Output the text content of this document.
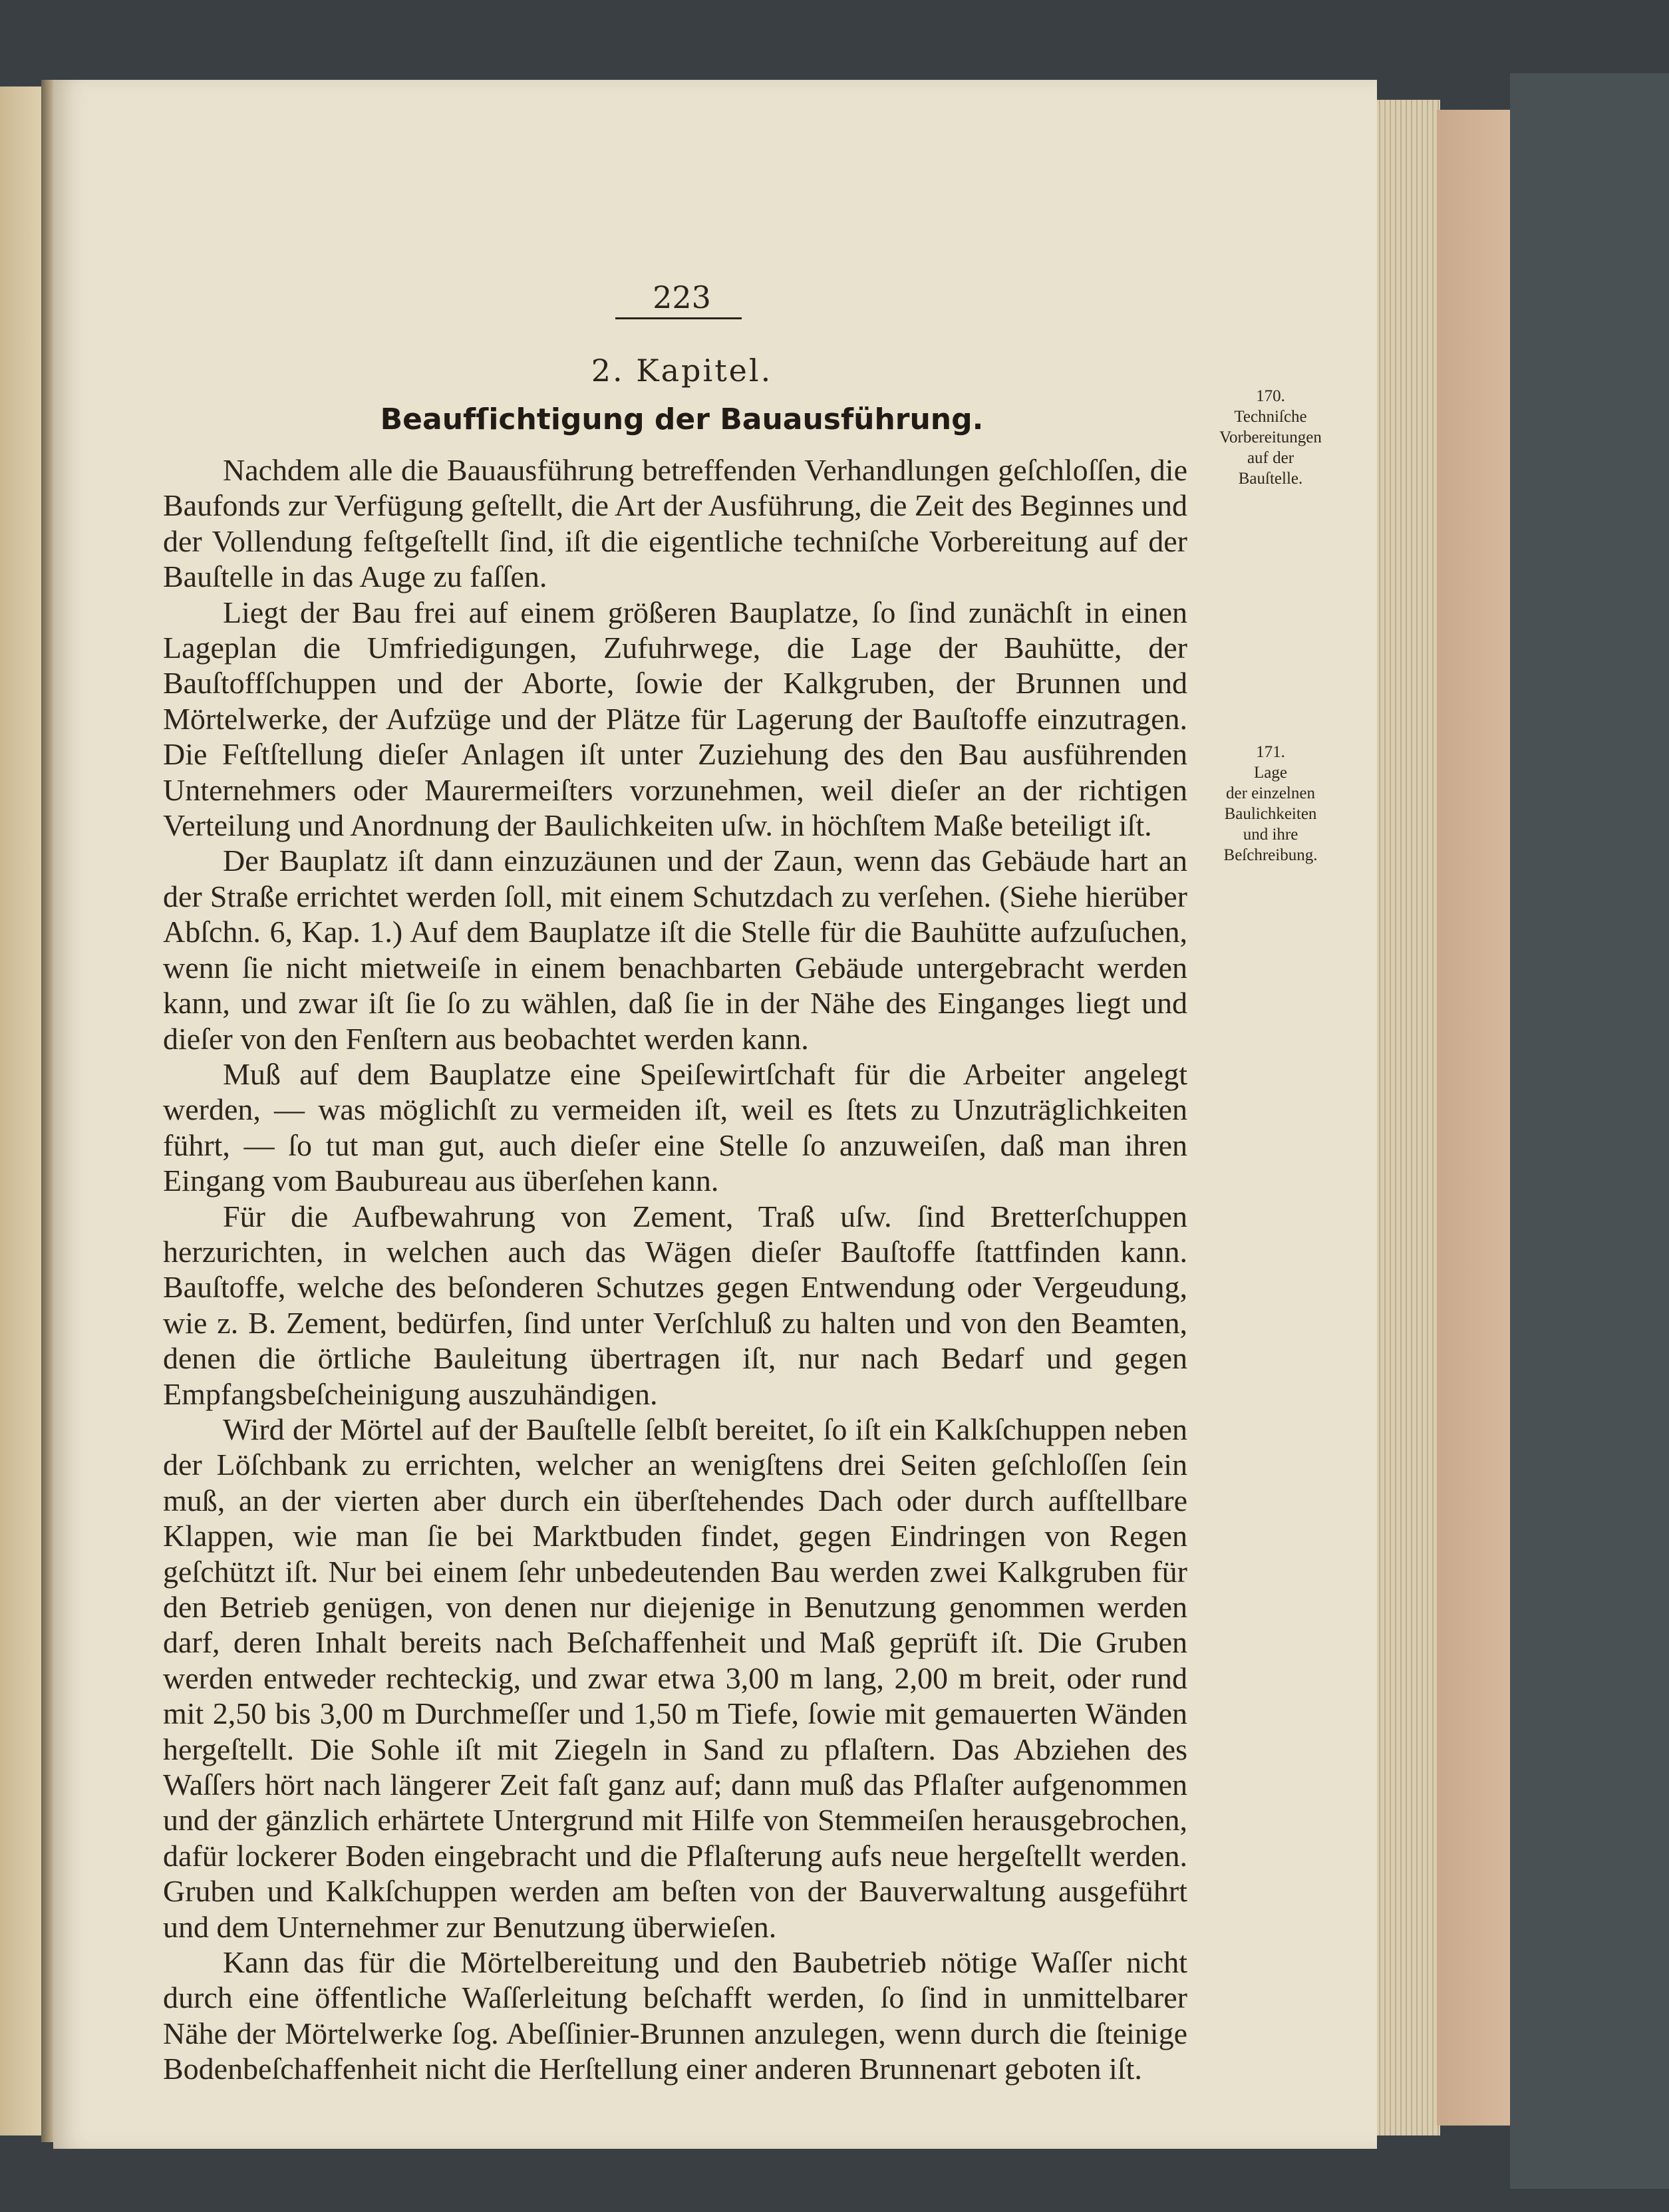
223
2. Kapitel.
Beaufſichtigung der Bauausführung.

Nachdem alle die Bauausführung betreffenden Verhandlungen geſchloſſen, die Baufonds zur Verfügung geſtellt, die Art der Ausführung, die Zeit des Beginnes und der Vollendung feſtgeſtellt ſind, iſt die eigentliche techniſche Vorbereitung auf der Bauſtelle in das Auge zu faſſen.

Liegt der Bau frei auf einem größeren Bauplatze, ſo ſind zunächſt in einen Lageplan die Umfriedigungen, Zufuhrwege, die Lage der Bauhütte, der Bauſtoffſchuppen und der Aborte, ſowie der Kalkgruben, der Brunnen und Mörtelwerke, der Aufzüge und der Plätze für Lagerung der Bauſtoffe einzutragen. Die Feſtſtellung dieſer Anlagen iſt unter Zuziehung des den Bau ausführenden Unternehmers oder Maurermeiſters vorzunehmen, weil dieſer an der richtigen Verteilung und Anordnung der Baulichkeiten uſw. in höchſtem Maße beteiligt iſt.

Der Bauplatz iſt dann einzuzäunen und der Zaun, wenn das Gebäude hart an der Straße errichtet werden ſoll, mit einem Schutzdach zu verſehen. (Siehe hierüber Abſchn. 6, Kap. 1.) Auf dem Bauplatze iſt die Stelle für die Bauhütte aufzuſuchen, wenn ſie nicht mietweiſe in einem benachbarten Gebäude untergebracht werden kann, und zwar iſt ſie ſo zu wählen, daß ſie in der Nähe des Einganges liegt und dieſer von den Fenſtern aus beobachtet werden kann.

Muß auf dem Bauplatze eine Speiſewirtſchaft für die Arbeiter angelegt werden, — was möglichſt zu vermeiden iſt, weil es ſtets zu Unzuträglichkeiten führt, — ſo tut man gut, auch dieſer eine Stelle ſo anzuweiſen, daß man ihren Eingang vom Baubureau aus überſehen kann.

Für die Aufbewahrung von Zement, Traß uſw. ſind Bretterſchuppen herzurichten, in welchen auch das Wägen dieſer Bauſtoffe ſtattfinden kann. Bauſtoffe, welche des beſonderen Schutzes gegen Entwendung oder Vergeudung, wie z. B. Zement, bedürfen, ſind unter Verſchluß zu halten und von den Beamten, denen die örtliche Bauleitung übertragen iſt, nur nach Bedarf und gegen Empfangsbeſcheinigung auszuhändigen.

Wird der Mörtel auf der Bauſtelle ſelbſt bereitet, ſo iſt ein Kalkſchuppen neben der Löſchbank zu errichten, welcher an wenigſtens drei Seiten geſchloſſen ſein muß, an der vierten aber durch ein überſtehendes Dach oder durch aufſtellbare Klappen, wie man ſie bei Marktbuden findet, gegen Eindringen von Regen geſchützt iſt. Nur bei einem ſehr unbedeutenden Bau werden zwei Kalkgruben für den Betrieb genügen, von denen nur diejenige in Benutzung genommen werden darf, deren Inhalt bereits nach Beſchaffenheit und Maß geprüft iſt. Die Gruben werden entweder rechteckig, und zwar etwa 3,00 m lang, 2,00 m breit, oder rund mit 2,50 bis 3,00 m Durchmeſſer und 1,50 m Tiefe, ſowie mit gemauerten Wänden hergeſtellt. Die Sohle iſt mit Ziegeln in Sand zu pflaſtern. Das Abziehen des Waſſers hört nach längerer Zeit faſt ganz auf; dann muß das Pflaſter aufgenommen und der gänzlich erhärtete Untergrund mit Hilfe von Stemmeiſen herausgebrochen, dafür lockerer Boden eingebracht und die Pflaſterung aufs neue hergeſtellt werden. Gruben und Kalkſchuppen werden am beſten von der Bauverwaltung ausgeführt und dem Unternehmer zur Benutzung überwieſen.

Kann das für die Mörtelbereitung und den Baubetrieb nötige Waſſer nicht durch eine öffentliche Waſſerleitung beſchafft werden, ſo ſind in unmittelbarer Nähe der Mörtelwerke ſog. Abeſſinier-Brunnen anzulegen, wenn durch die ſteinige Bodenbeſchaffenheit nicht die Herſtellung einer anderen Brunnenart geboten iſt.

170.
Techniſche
Vorbereitungen
auf der
Bauſtelle.
171.
Lage
der einzelnen
Baulichkeiten
und ihre
Beſchreibung.
